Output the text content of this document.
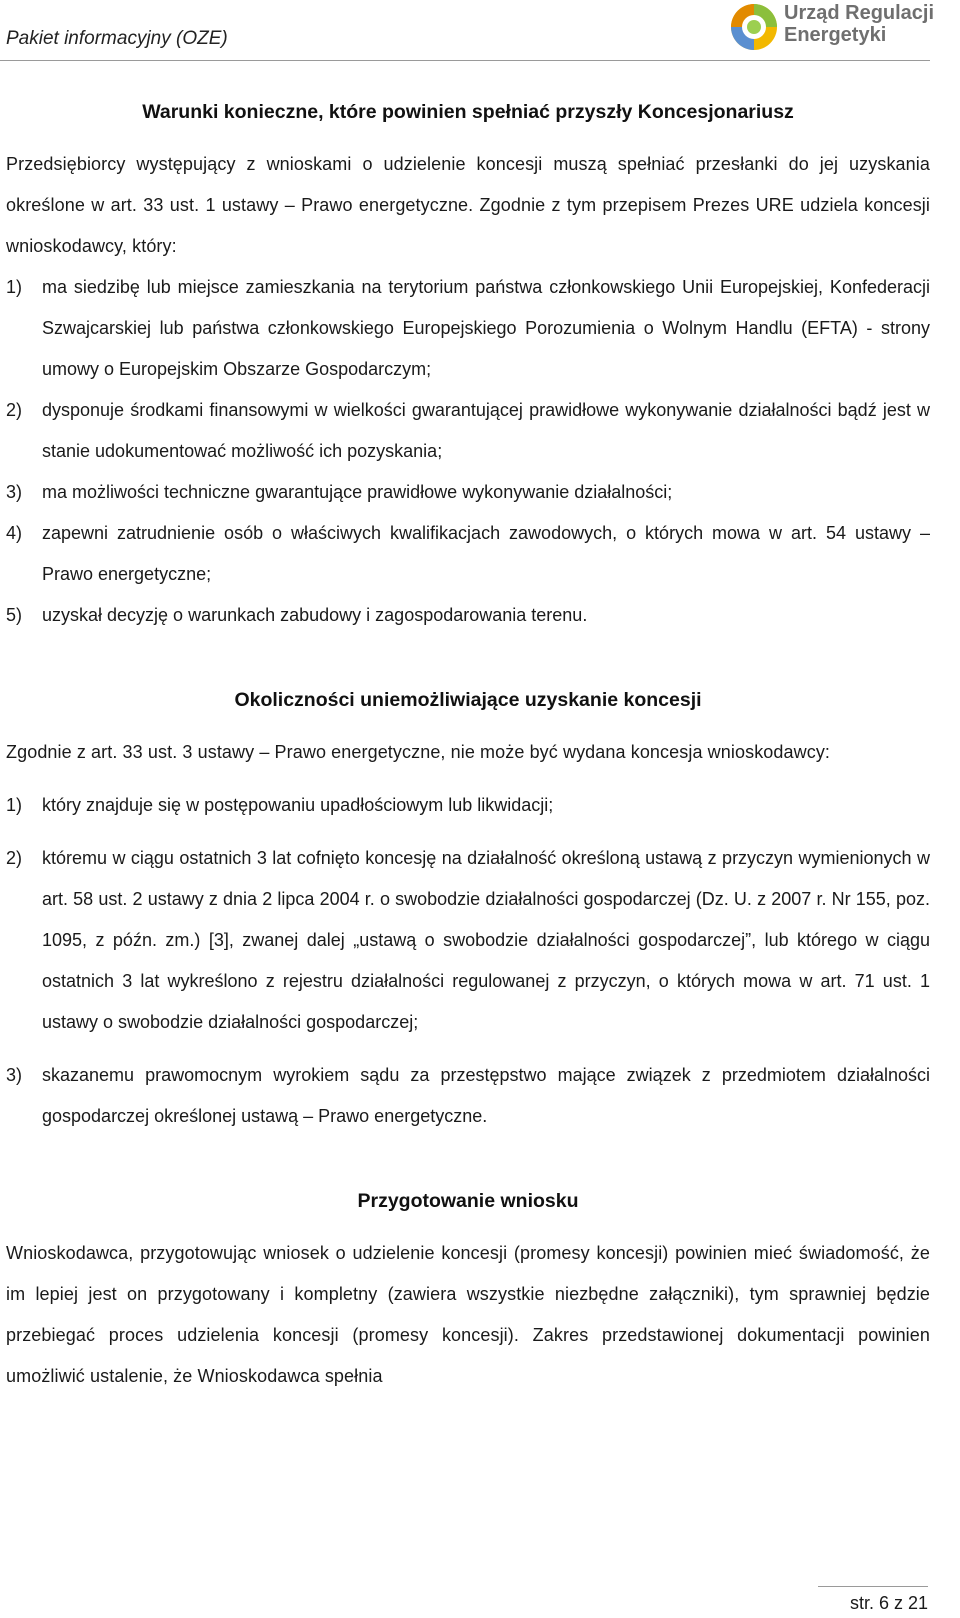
Pakiet informacyjny (OZE)
Urząd Regulacji
Energetyki
Warunki konieczne, które powinien spełniać przyszły Koncesjonariusz

Przedsiębiorcy występujący z wnioskami o udzielenie koncesji muszą spełniać przesłanki do jej uzyskania określone w art. 33 ust. 1 ustawy – Prawo energetyczne. Zgodnie z tym przepisem Prezes URE udziela koncesji wnioskodawcy, który:

1) ma siedzibę lub miejsce zamieszkania na terytorium państwa członkowskiego Unii Europejskiej, Konfederacji Szwajcarskiej lub państwa członkowskiego Europejskiego Porozumienia o Wolnym Handlu (EFTA) - strony umowy o Europejskim Obszarze Gospodarczym;
2) dysponuje środkami finansowymi w wielkości gwarantującej prawidłowe wykonywanie działalności bądź jest w stanie udokumentować możliwość ich pozyskania;
3) ma możliwości techniczne gwarantujące prawidłowe wykonywanie działalności;
4) zapewni zatrudnienie osób o właściwych kwalifikacjach zawodowych, o których mowa w art. 54 ustawy – Prawo energetyczne;
5) uzyskał decyzję o warunkach zabudowy i zagospodarowania terenu.
Okoliczności uniemożliwiające uzyskanie koncesji

Zgodnie z art. 33 ust. 3 ustawy – Prawo energetyczne, nie może być wydana koncesja wnioskodawcy:

1) który znajduje się w postępowaniu upadłościowym lub likwidacji;
2) któremu w ciągu ostatnich 3 lat cofnięto koncesję na działalność określoną ustawą z przyczyn wymienionych w art. 58 ust. 2 ustawy z dnia 2 lipca 2004 r. o swobodzie działalności gospodarczej (Dz. U. z 2007 r. Nr 155, poz. 1095, z późn. zm.) [3], zwanej dalej „ustawą o swobodzie działalności gospodarczej”, lub którego w ciągu ostatnich 3 lat wykreślono z rejestru działalności regulowanej z przyczyn, o których mowa w art. 71 ust. 1 ustawy o swobodzie działalności gospodarczej;
3) skazanemu prawomocnym wyrokiem sądu za przestępstwo mające związek z przedmiotem działalności gospodarczej określonej ustawą – Prawo energetyczne.
Przygotowanie wniosku

Wnioskodawca, przygotowując wniosek o udzielenie koncesji (promesy koncesji) powinien mieć świadomość, że im lepiej jest on przygotowany i kompletny (zawiera wszystkie niezbędne załączniki), tym sprawniej będzie przebiegać proces udzielenia koncesji (promesy koncesji). Zakres przedstawionej dokumentacji powinien umożliwić ustalenie, że Wnioskodawca spełnia

str. 6 z 21
